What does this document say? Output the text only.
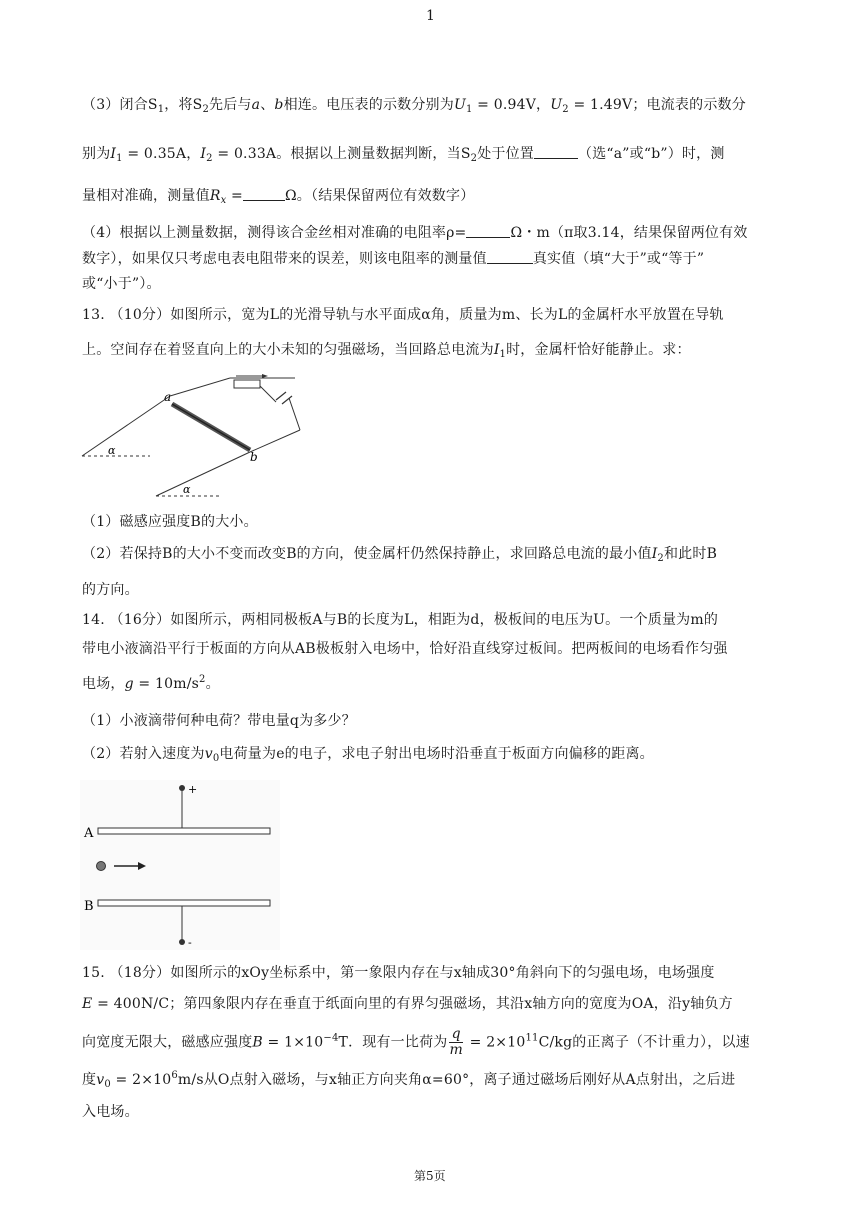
1
（3）闭合$S_1$，将$S_2$先后与a、b相连。电压表的示数分别为$U_1 = 0.94V$，$U_2 = 1.49V$；电流表的示数分
别为$I_1 = 0.35A$，$I_2 = 0.33A$。根据以上测量数据判断，当$S_2$处于位置	（选“a”或“b”）时，测
量相对准确，测量值$R_x$ =	Ω。（结果保留两位有效数字）
（4）根据以上测量数据，测得该合金丝相对准确的电阻率ρ=	Ω・m（π取3.14，结果保留两位有效
数字），如果仅只考虑电表电阻带来的误差，则该电阻率的测量值	真实值（填“大于”或“等于”
或“小于”）。
13. （10分）如图所示，宽为L的光滑导轨与水平面成α角，质量为m、长为L的金属杆水平放置在导轨
上。空间存在着竖直向上的大小未知的匀强磁场，当回路总电流为$I_1$时，金属杆恰好能静止。求：
a
b
α
α
（1）磁感应强度B的大小。
（2）若保持B的大小不变而改变B的方向，使金属杆仍然保持静止，求回路总电流的最小值$I_2$和此时B
的方向。
14. （16分）如图所示，两相同极板A与B的长度为L，相距为d，极板间的电压为U。一个质量为m的
带电小液滴沿平行于板面的方向从AB极板射入电场中，恰好沿直线穿过板间。把两板间的电场看作匀强
电场，$g = 10m/s^2$。
（1）小液滴带何种电荷？带电量q为多少？
（2）若射入速度为$v_0$电荷量为e的电子，求电子射出电场时沿垂直于板面方向偏移的距离。
+
A
-
B
15. （18分）如图所示的xOy坐标系中，第一象限内存在与x轴成30°角斜向下的匀强电场，电场强度
E = 400N/C；第四象限内存在垂直于纸面向里的有界匀强磁场，其沿x轴方向的宽度为OA，沿y轴负方
向宽度无限大，磁感应强度$B = 1\times 10^{-4}T$．现有一比荷为 $\frac{q}{m} = 2\times 10^{11}C/kg$的正离子（不计重力），以速
度$v_0 = 2\times 10^6m/s$从O点射入磁场，与x轴正方向夹角α=60°，离子通过磁场后刚好从A点射出，之后进
入电场。
第5页
